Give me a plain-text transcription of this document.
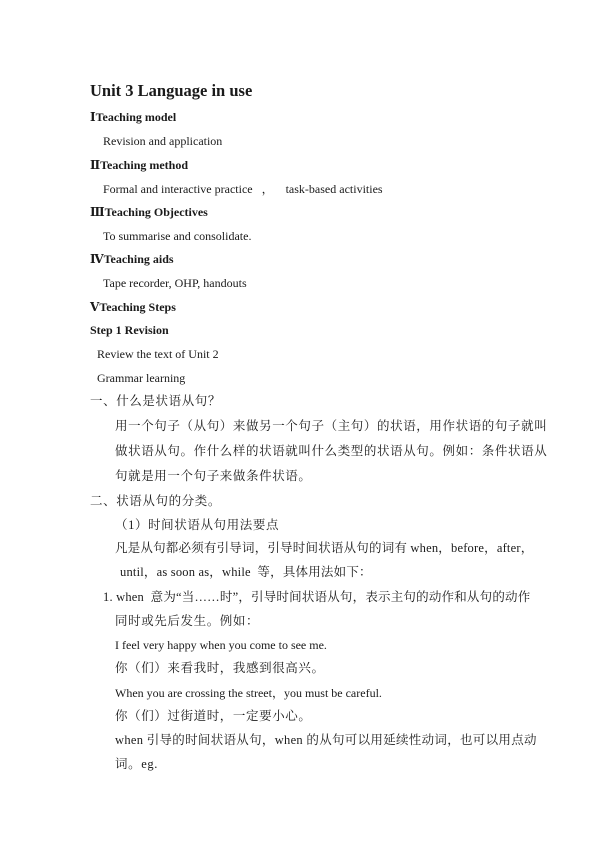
Unit 3 Language in use
ⅠTeaching model
Revision and application
ⅡTeaching method
Formal and interactive practice   ，    task-based activities
ⅢTeaching Objectives
To summarise and consolidate.
ⅣTeaching aids
Tape recorder, OHP, handouts
ⅤTeaching Steps
Step 1 Revision
Review the text of Unit 2
Grammar learning
一、什么是状语从句？
用一个句子（从句）来做另一个句子（主句）的状语，用作状语的句子就叫
做状语从句。作什么样的状语就叫什么类型的状语从句。例如：条件状语从
句就是用一个句子来做条件状语。
二、状语从句的分类。
（1）时间状语从句用法要点
凡是从句都必须有引导词，引导时间状语从句的词有 when，before，after，
until，as soon as，while  等，具体用法如下：
1. when  意为“当……时”，引导时间状语从句，表示主句的动作和从句的动作
同时或先后发生。例如：
I feel very happy when you come to see me.
你（们）来看我时，我感到很高兴。
When you are crossing the street，you must be careful.
你（们）过街道时，一定要小心。
when 引导的时间状语从句，when 的从句可以用延续性动词，也可以用点动
词。eg.
